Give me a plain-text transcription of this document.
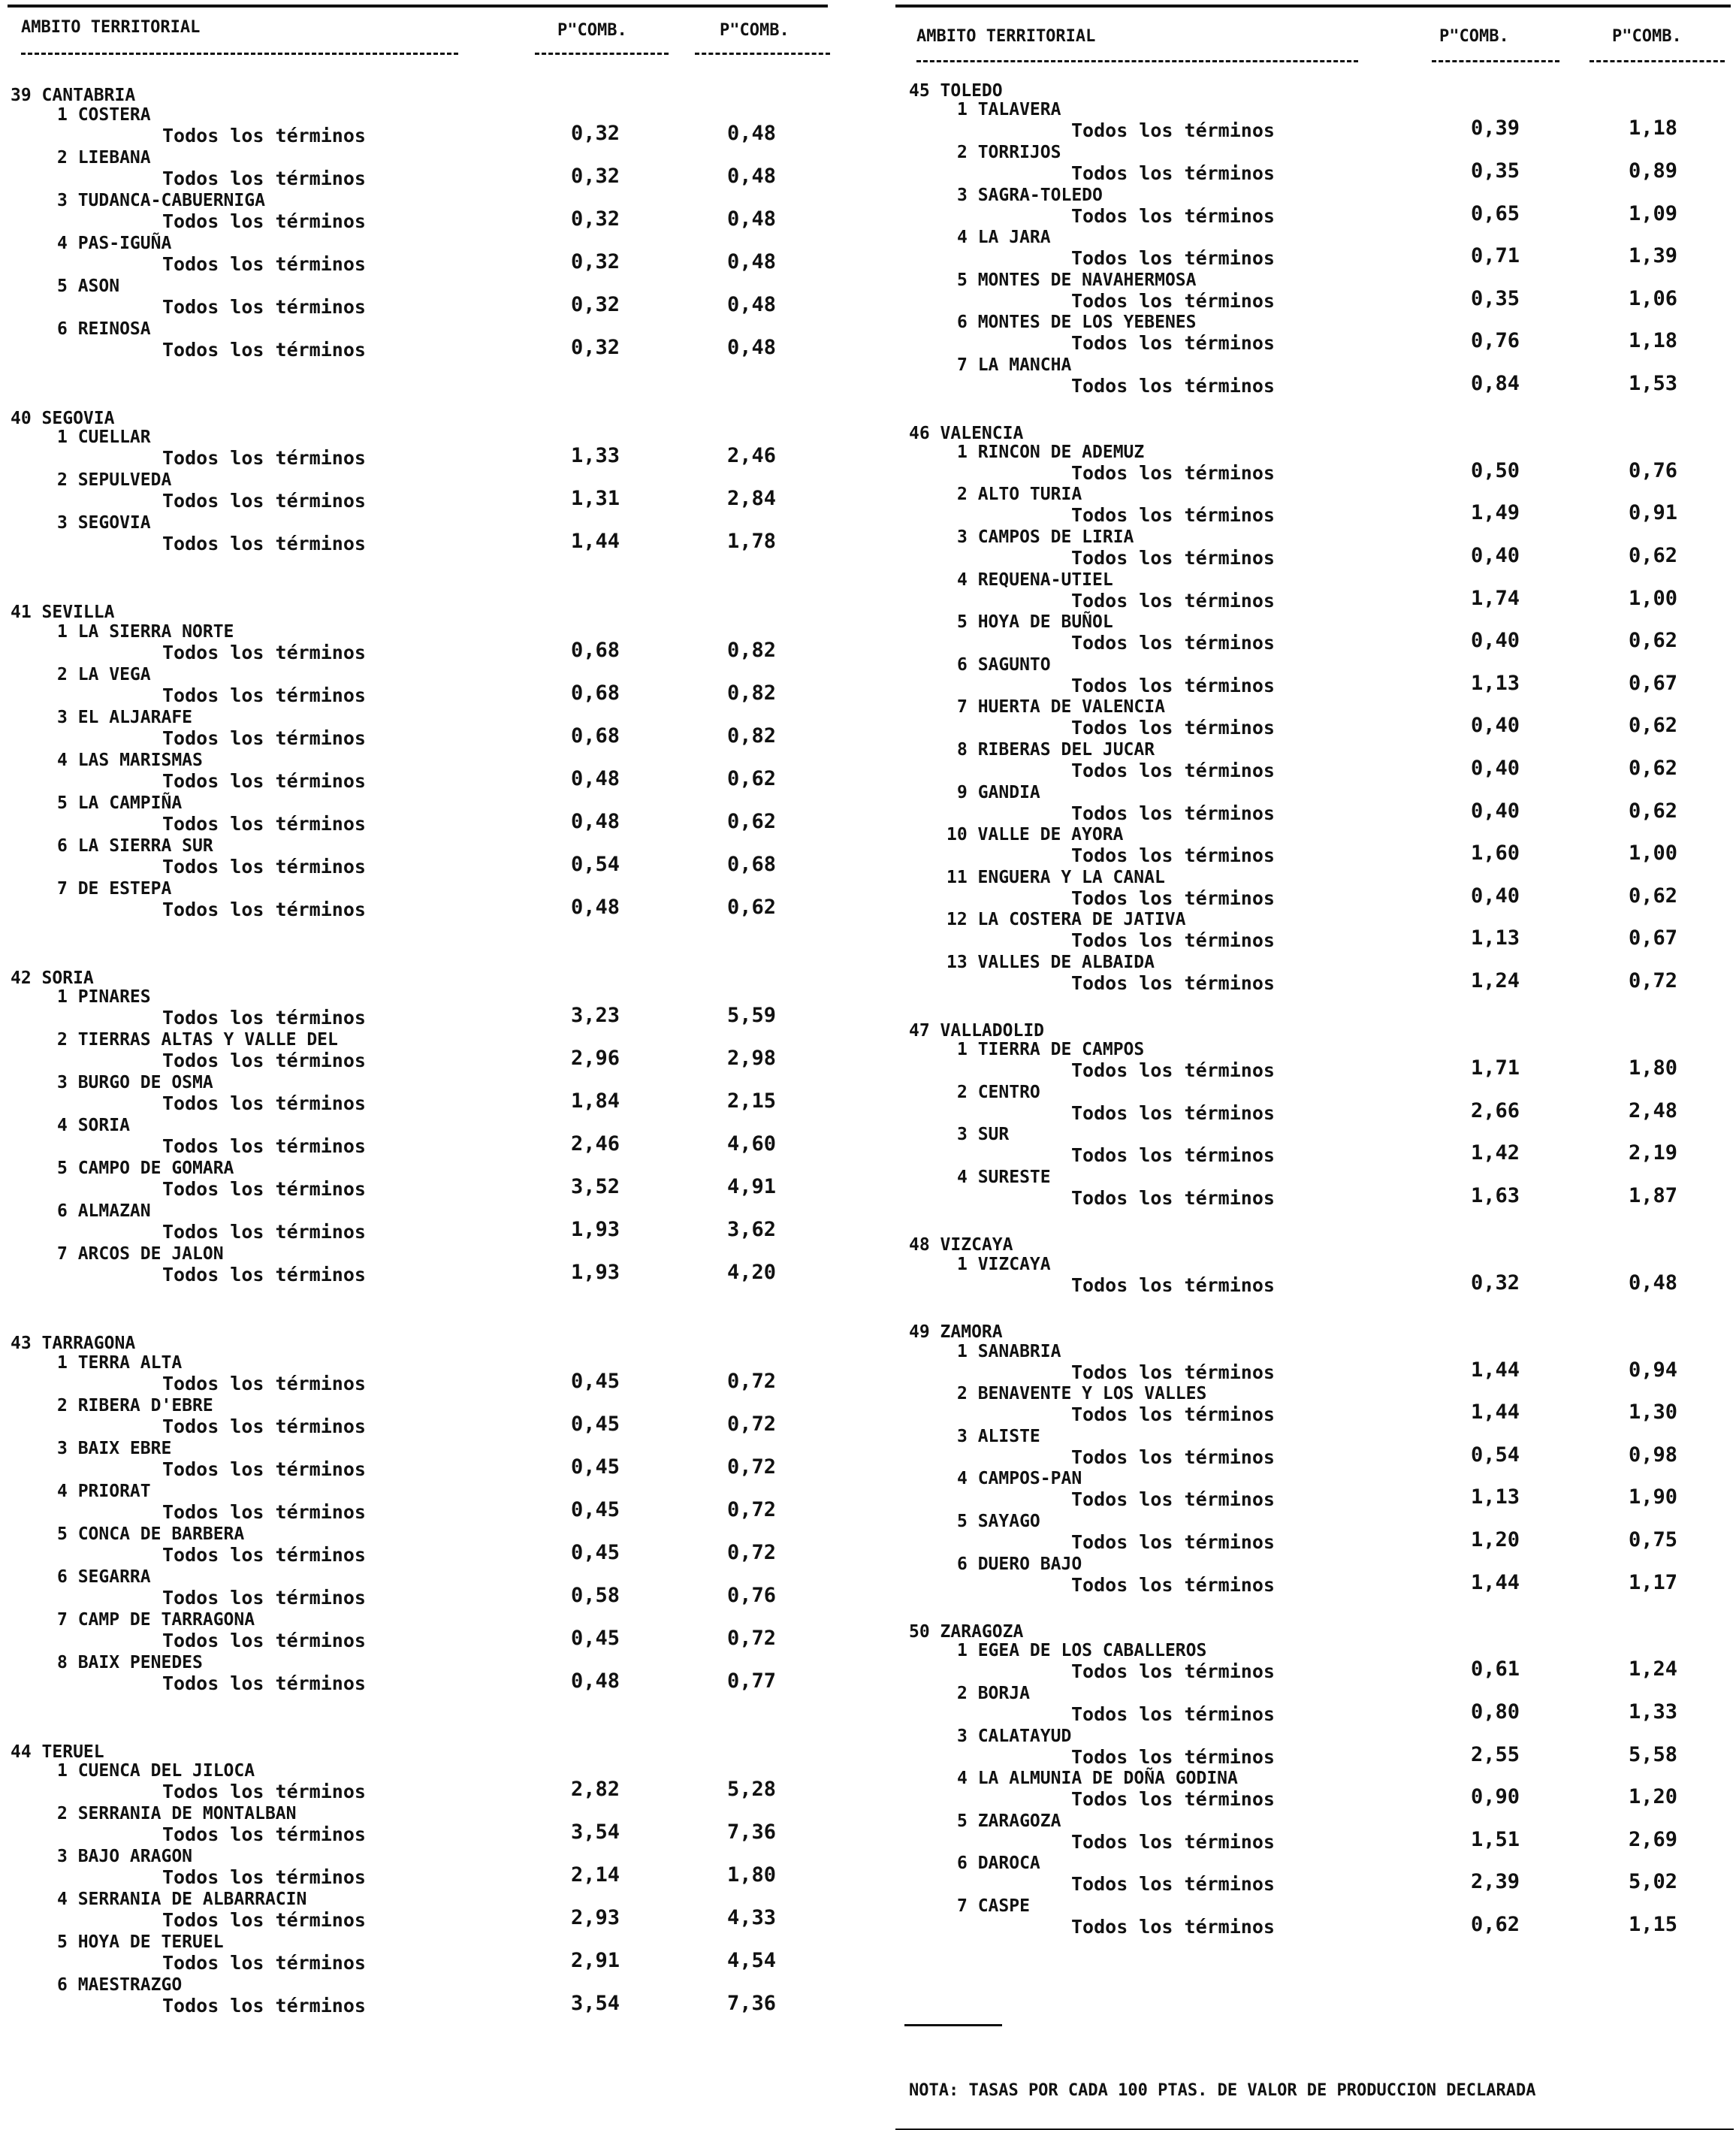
AMBITO TERRITORIAL	P"COMB.	P"COMB.
39 CANTABRIA
1 COSTERA
Todos los términos	0,32	0,48
2 LIEBANA
Todos los términos	0,32	0,48
3 TUDANCA-CABUERNIGA
Todos los términos	0,32	0,48
4 PAS-IGUÑA
Todos los términos	0,32	0,48
5 ASON
Todos los términos	0,32	0,48
6 REINOSA
Todos los términos	0,32	0,48
40 SEGOVIA
1 CUELLAR
Todos los términos	1,33	2,46
2 SEPULVEDA
Todos los términos	1,31	2,84
3 SEGOVIA
Todos los términos	1,44	1,78
41 SEVILLA
1 LA SIERRA NORTE
Todos los términos	0,68	0,82
2 LA VEGA
Todos los términos	0,68	0,82
3 EL ALJARAFE
Todos los términos	0,68	0,82
4 LAS MARISMAS
Todos los términos	0,48	0,62
5 LA CAMPIÑA
Todos los términos	0,48	0,62
6 LA SIERRA SUR
Todos los términos	0,54	0,68
7 DE ESTEPA
Todos los términos	0,48	0,62
42 SORIA
1 PINARES
Todos los términos	3,23	5,59
2 TIERRAS ALTAS Y VALLE DEL
Todos los términos	2,96	2,98
3 BURGO DE OSMA
Todos los términos	1,84	2,15
4 SORIA
Todos los términos	2,46	4,60
5 CAMPO DE GOMARA
Todos los términos	3,52	4,91
6 ALMAZAN
Todos los términos	1,93	3,62
7 ARCOS DE JALON
Todos los términos	1,93	4,20
43 TARRAGONA
1 TERRA ALTA
Todos los términos	0,45	0,72
2 RIBERA D'EBRE
Todos los términos	0,45	0,72
3 BAIX EBRE
Todos los términos	0,45	0,72
4 PRIORAT
Todos los términos	0,45	0,72
5 CONCA DE BARBERA
Todos los términos	0,45	0,72
6 SEGARRA
Todos los términos	0,58	0,76
7 CAMP DE TARRAGONA
Todos los términos	0,45	0,72
8 BAIX PENEDES
Todos los términos	0,48	0,77
44 TERUEL
1 CUENCA DEL JILOCA
Todos los términos	2,82	5,28
2 SERRANIA DE MONTALBAN
Todos los términos	3,54	7,36
3 BAJO ARAGON
Todos los términos	2,14	1,80
4 SERRANIA DE ALBARRACIN
Todos los términos	2,93	4,33
5 HOYA DE TERUEL
Todos los términos	2,91	4,54
6 MAESTRAZGO
Todos los términos	3,54	7,36
AMBITO TERRITORIAL	P"COMB.	P"COMB.
45 TOLEDO
1 TALAVERA
Todos los términos	0,39	1,18
2 TORRIJOS
Todos los términos	0,35	0,89
3 SAGRA-TOLEDO
Todos los términos	0,65	1,09
4 LA JARA
Todos los términos	0,71	1,39
5 MONTES DE NAVAHERMOSA
Todos los términos	0,35	1,06
6 MONTES DE LOS YEBENES
Todos los términos	0,76	1,18
7 LA MANCHA
Todos los términos	0,84	1,53
46 VALENCIA
1 RINCON DE ADEMUZ
Todos los términos	0,50	0,76
2 ALTO TURIA
Todos los términos	1,49	0,91
3 CAMPOS DE LIRIA
Todos los términos	0,40	0,62
4 REQUENA-UTIEL
Todos los términos	1,74	1,00
5 HOYA DE BUÑOL
Todos los términos	0,40	0,62
6 SAGUNTO
Todos los términos	1,13	0,67
7 HUERTA DE VALENCIA
Todos los términos	0,40	0,62
8 RIBERAS DEL JUCAR
Todos los términos	0,40	0,62
9 GANDIA
Todos los términos	0,40	0,62
10 VALLE DE AYORA
Todos los términos	1,60	1,00
11 ENGUERA Y LA CANAL
Todos los términos	0,40	0,62
12 LA COSTERA DE JATIVA
Todos los términos	1,13	0,67
13 VALLES DE ALBAIDA
Todos los términos	1,24	0,72
47 VALLADOLID
1 TIERRA DE CAMPOS
Todos los términos	1,71	1,80
2 CENTRO
Todos los términos	2,66	2,48
3 SUR
Todos los términos	1,42	2,19
4 SURESTE
Todos los términos	1,63	1,87
48 VIZCAYA
1 VIZCAYA
Todos los términos	0,32	0,48
49 ZAMORA
1 SANABRIA
Todos los términos	1,44	0,94
2 BENAVENTE Y LOS VALLES
Todos los términos	1,44	1,30
3 ALISTE
Todos los términos	0,54	0,98
4 CAMPOS-PAN
Todos los términos	1,13	1,90
5 SAYAGO
Todos los términos	1,20	0,75
6 DUERO BAJO
Todos los términos	1,44	1,17
50 ZARAGOZA
1 EGEA DE LOS CABALLEROS
Todos los términos	0,61	1,24
2 BORJA
Todos los términos	0,80	1,33
3 CALATAYUD
Todos los términos	2,55	5,58
4 LA ALMUNIA DE DOÑA GODINA
Todos los términos	0,90	1,20
5 ZARAGOZA
Todos los términos	1,51	2,69
6 DAROCA
Todos los términos	2,39	5,02
7 CASPE
Todos los términos	0,62	1,15
NOTA: TASAS POR CADA 100 PTAS. DE VALOR DE PRODUCCION DECLARADA
